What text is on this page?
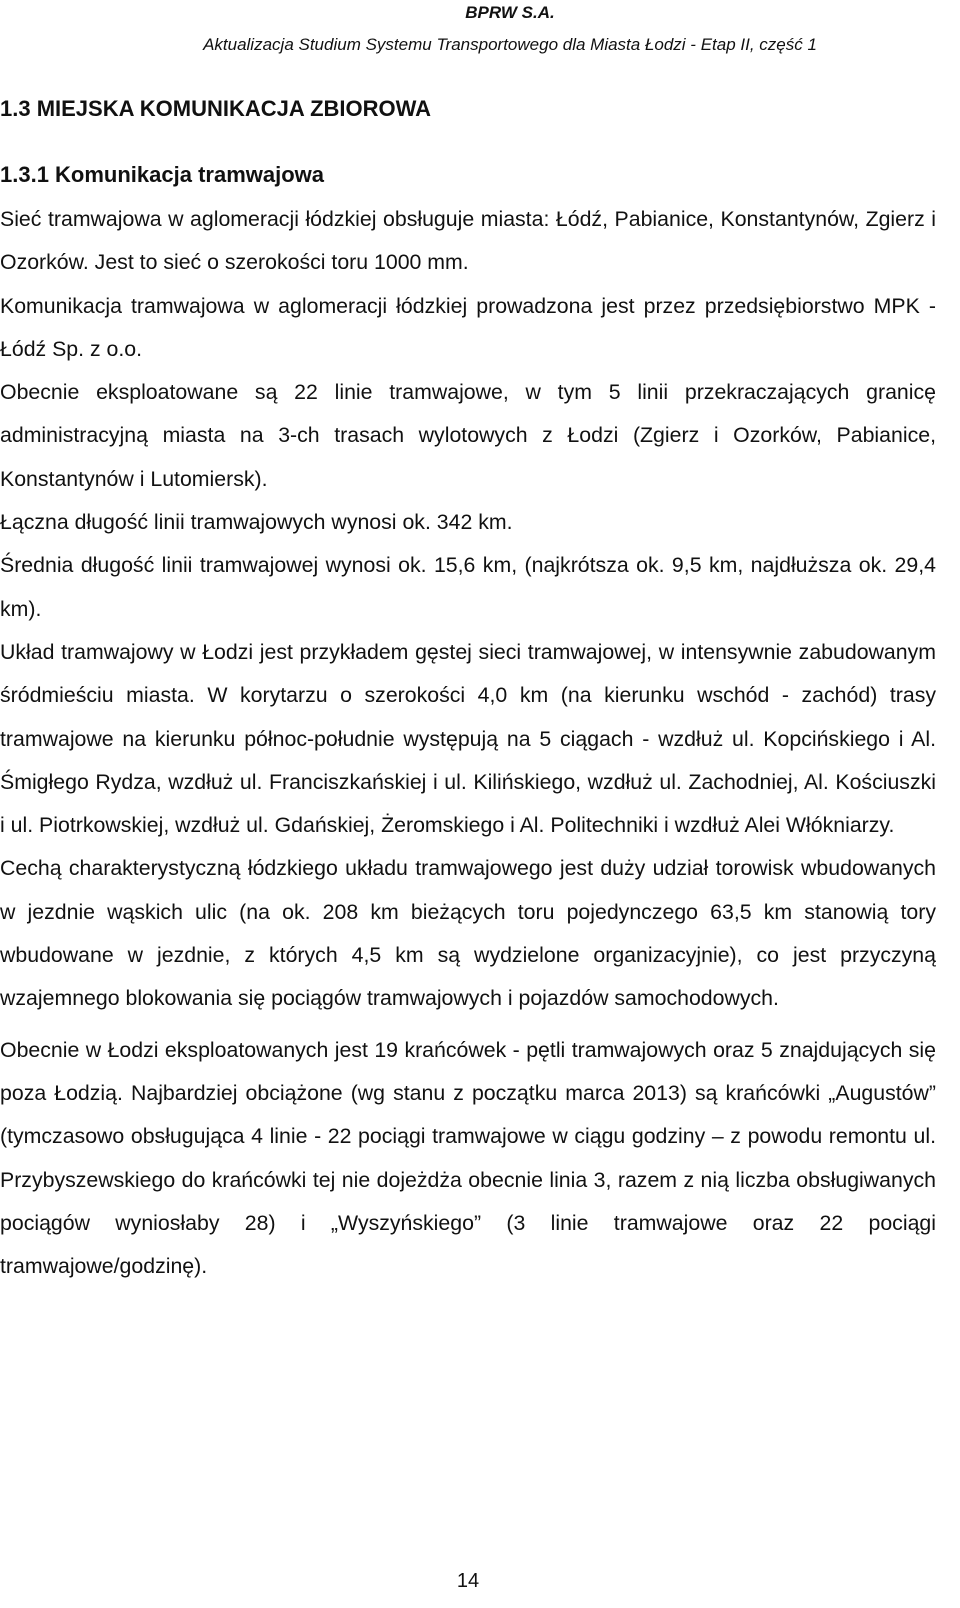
BPRW S.A.
Aktualizacja Studium Systemu Transportowego dla Miasta Łodzi - Etap II, część 1
1.3 MIEJSKA KOMUNIKACJA ZBIOROWA
1.3.1 Komunikacja tramwajowa

Sieć tramwajowa w aglomeracji łódzkiej obsługuje miasta: Łódź, Pabianice, Konstantynów, Zgierz i Ozorków. Jest to sieć o szerokości toru 1000 mm.

Komunikacja tramwajowa w aglomeracji łódzkiej prowadzona jest przez przedsiębiorstwo MPK - Łódź Sp. z o.o.

Obecnie eksploatowane są 22 linie tramwajowe, w tym 5 linii przekraczających granicę administracyjną miasta na 3-ch trasach wylotowych z Łodzi (Zgierz i Ozorków, Pabianice, Konstantynów i Lutomiersk).

Łączna długość linii tramwajowych wynosi ok. 342 km.

Średnia długość linii tramwajowej wynosi ok. 15,6 km, (najkrótsza ok. 9,5 km, najdłuższa ok. 29,4 km).

Układ tramwajowy w Łodzi jest przykładem gęstej sieci tramwajowej, w intensywnie zabudowanym śródmieściu miasta. W korytarzu o szerokości 4,0 km (na kierunku wschód - zachód) trasy tramwajowe na kierunku północ-południe występują na 5 ciągach - wzdłuż ul. Kopcińskiego i Al. Śmigłego Rydza, wzdłuż ul. Franciszkańskiej i ul. Kilińskiego, wzdłuż ul. Zachodniej, Al. Kościuszki i ul. Piotrkowskiej, wzdłuż ul. Gdańskiej, Żeromskiego i Al. Politechniki i wzdłuż Alei Włókniarzy.

Cechą charakterystyczną łódzkiego układu tramwajowego jest duży udział torowisk wbudowanych w jezdnie wąskich ulic (na ok. 208 km bieżących toru pojedynczego 63,5 km stanowią tory wbudowane w jezdnie, z których 4,5 km są wydzielone organizacyjnie), co jest przyczyną wzajemnego blokowania się pociągów tramwajowych i pojazdów samochodowych.

Obecnie w Łodzi eksploatowanych jest 19 krańcówek - pętli tramwajowych oraz 5 znajdujących się poza Łodzią. Najbardziej obciążone (wg stanu z początku marca 2013) są krańcówki „Augustów” (tymczasowo obsługująca 4 linie - 22 pociągi tramwajowe w ciągu godziny – z powodu remontu ul. Przybyszewskiego do krańcówki tej nie dojeżdża obecnie linia 3, razem z nią liczba obsługiwanych pociągów wyniosłaby 28) i „Wyszyńskiego” (3 linie tramwajowe oraz 22 pociągi tramwajowe/godzinę).

14
